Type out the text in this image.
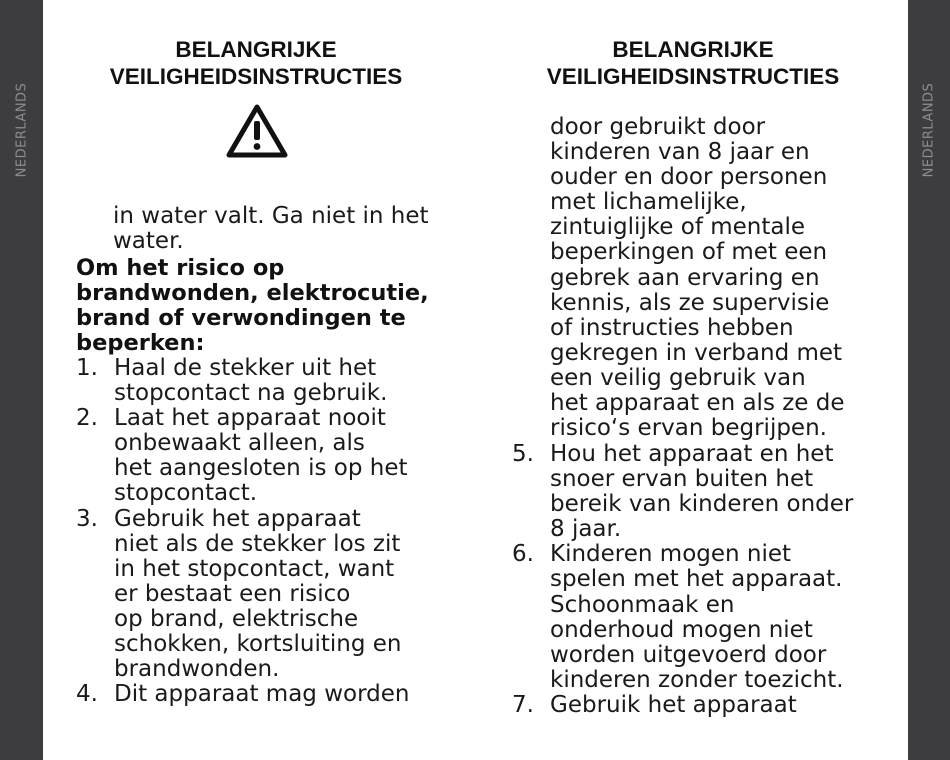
NEDERLANDS	NEDERLANDS
BELANGRIJKE
VEILIGHEIDSINSTRUCTIES
in water valt. Ga niet in het
water.
Om het risico op
brandwonden, elektrocutie,
brand of verwondingen te
beperken:
1. Haal de stekker uit het
stopcontact na gebruik.
2. Laat het apparaat nooit
onbewaakt alleen, als
het aangesloten is op het
stopcontact.
3. Gebruik het apparaat
niet als de stekker los zit
in het stopcontact, want
er bestaat een risico
op brand, elektrische
schokken, kortsluiting en
brandwonden.
4. Dit apparaat mag worden
BELANGRIJKE
VEILIGHEIDSINSTRUCTIES
door gebruikt door
kinderen van 8 jaar en
ouder en door personen
met lichamelijke,
zintuiglijke of mentale
beperkingen of met een
gebrek aan ervaring en
kennis, als ze supervisie
of instructies hebben
gekregen in verband met
een veilig gebruik van
het apparaat en als ze de
risico‘s ervan begrijpen.
5. Hou het apparaat en het
snoer ervan buiten het
bereik van kinderen onder
8 jaar.
6. Kinderen mogen niet
spelen met het apparaat.
Schoonmaak en
onderhoud mogen niet
worden uitgevoerd door
kinderen zonder toezicht.
7. Gebruik het apparaat
